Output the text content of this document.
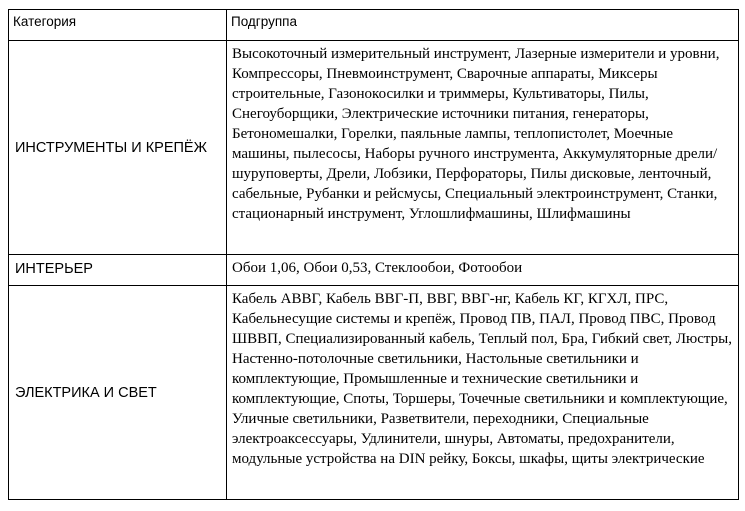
Категория	Подгруппа

ИНСТРУМЕНТЫ И КРЕПЁЖ	Высокоточный измерительный инструмент, Лазерные измерители и уровни, Компрессоры, Пневмоинструмент, Сварочные аппараты, Миксеры строительные, Газонокосилки и триммеры, Культиваторы, Пилы, Снегоуборщики, Электрические источники питания, генераторы, Бетономешалки, Горелки, паяльные лампы, теплопистолет, Моечные машины, пылесосы, Наборы ручного инструмента, Аккумуляторные дрели/шуруповерты, Дрели, Лобзики, Перфораторы, Пилы дисковые, ленточный, сабельные, Рубанки и рейсмусы, Специальный электроинструмент, Станки, стационарный инструмент, Углошлифмашины, Шлифмашины

ИНТЕРЬЕР	Обои 1,06, Обои 0,53, Стеклообои, Фотообои

ЭЛЕКТРИКА И СВЕТ	Кабель АВВГ, Кабель ВВГ-П, ВВГ, ВВГ-нг, Кабель КГ, КГХЛ, ПРС, Кабельнесущие системы и крепёж, Провод ПВ, ПАЛ, Провод ПВС, Провод ШВВП, Специализированный кабель, Теплый пол, Бра, Гибкий свет, Люстры, Настенно-потолочные светильники, Настольные светильники и комплектующие, Промышленные и технические светильники и комплектующие, Споты, Торшеры, Точечные светильники и комплектующие, Уличные светильники, Разветвители, переходники, Специальные электроаксессуары, Удлинители, шнуры, Автоматы, предохранители, модульные устройства на DIN рейку, Боксы, шкафы, щиты электрические
